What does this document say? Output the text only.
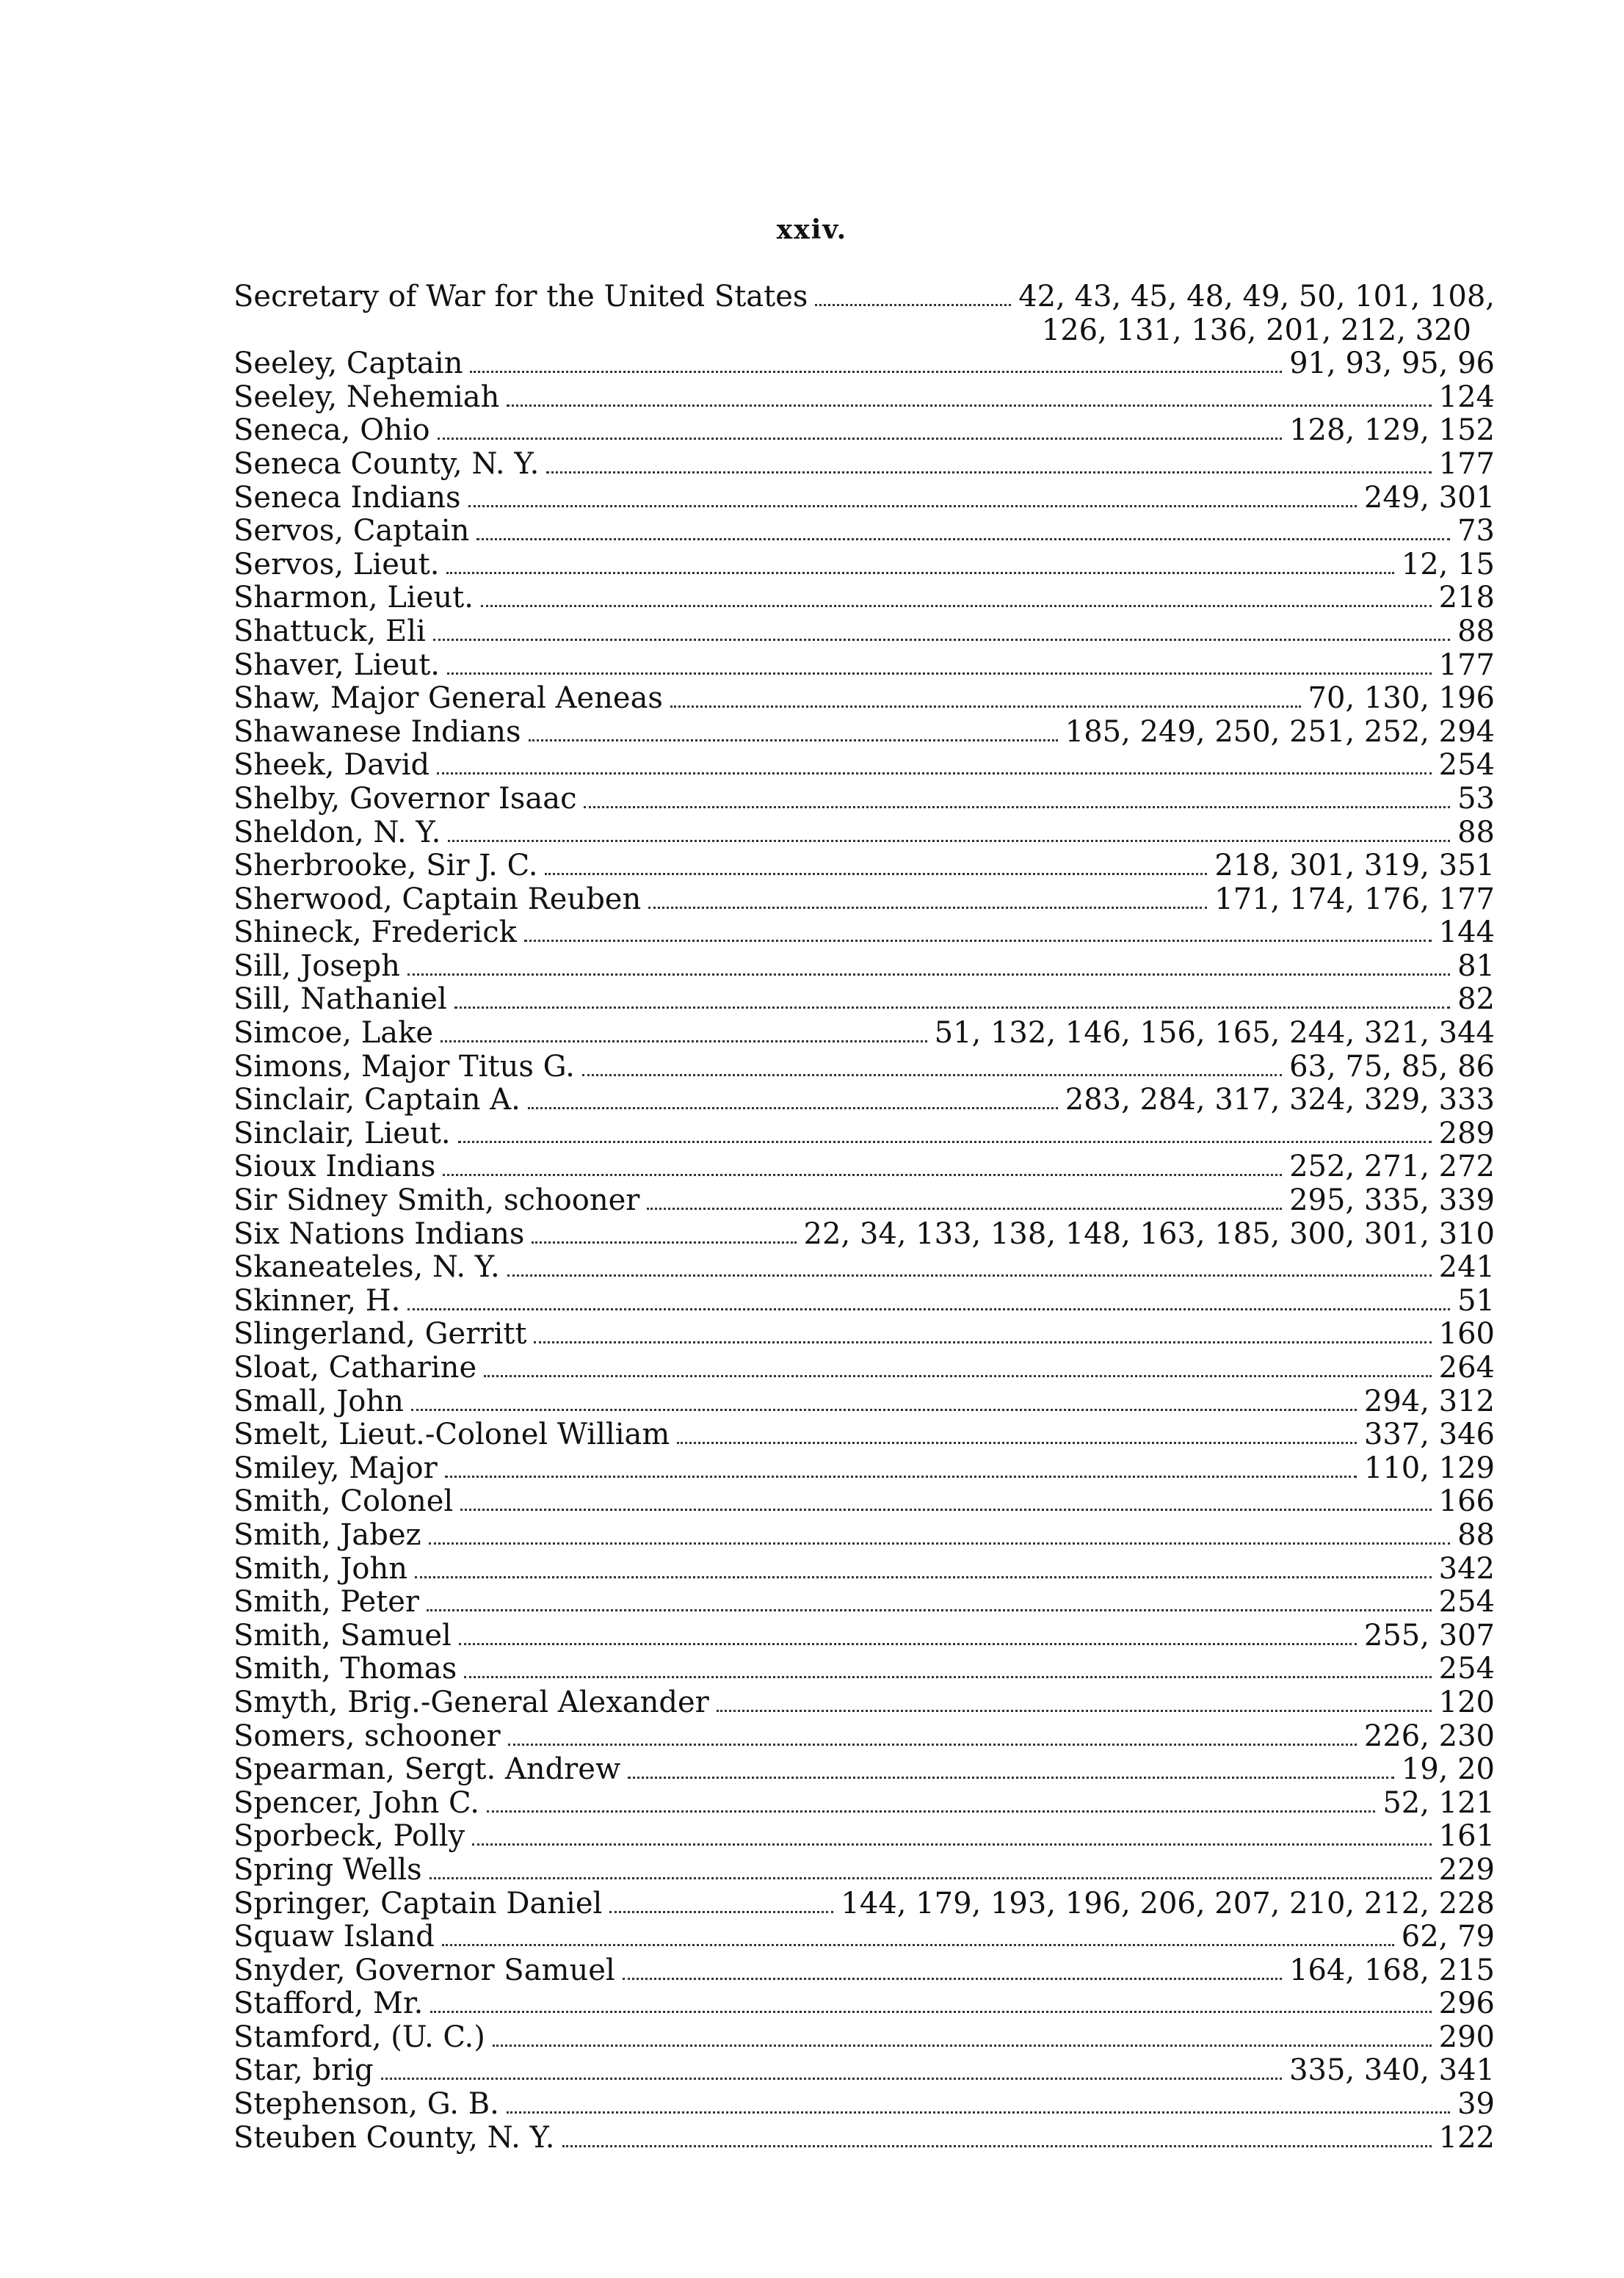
xxiv.
Secretary of War for the United States	42, 43, 45, 48, 49, 50, 101, 108,
126, 131, 136, 201, 212, 320
Seeley, Captain	91, 93, 95, 96
Seeley, Nehemiah	124
Seneca, Ohio	128, 129, 152
Seneca County, N. Y.	177
Seneca Indians	249, 301
Servos, Captain	73
Servos, Lieut.	12, 15
Sharmon, Lieut.	218
Shattuck, Eli	88
Shaver, Lieut.	177
Shaw, Major General Aeneas	70, 130, 196
Shawanese Indians	185, 249, 250, 251, 252, 294
Sheek, David	254
Shelby, Governor Isaac	53
Sheldon, N. Y.	88
Sherbrooke, Sir J. C.	218, 301, 319, 351
Sherwood, Captain Reuben	171, 174, 176, 177
Shineck, Frederick	144
Sill, Joseph	81
Sill, Nathaniel	82
Simcoe, Lake	51, 132, 146, 156, 165, 244, 321, 344
Simons, Major Titus G.	63, 75, 85, 86
Sinclair, Captain A.	283, 284, 317, 324, 329, 333
Sinclair, Lieut.	289
Sioux Indians	252, 271, 272
Sir Sidney Smith, schooner	295, 335, 339
Six Nations Indians	22, 34, 133, 138, 148, 163, 185, 300, 301, 310
Skaneateles, N. Y.	241
Skinner, H.	51
Slingerland, Gerritt	160
Sloat, Catharine	264
Small, John	294, 312
Smelt, Lieut.-Colonel William	337, 346
Smiley, Major	110, 129
Smith, Colonel	166
Smith, Jabez	88
Smith, John	342
Smith, Peter	254
Smith, Samuel	255, 307
Smith, Thomas	254
Smyth, Brig.-General Alexander	120
Somers, schooner	226, 230
Spearman, Sergt. Andrew	19, 20
Spencer, John C.	52, 121
Sporbeck, Polly	161
Spring Wells	229
Springer, Captain Daniel	144, 179, 193, 196, 206, 207, 210, 212, 228
Squaw Island	62, 79
Snyder, Governor Samuel	164, 168, 215
Stafford, Mr.	296
Stamford, (U. C.)	290
Star, brig	335, 340, 341
Stephenson, G. B.	39
Steuben County, N. Y.	122
